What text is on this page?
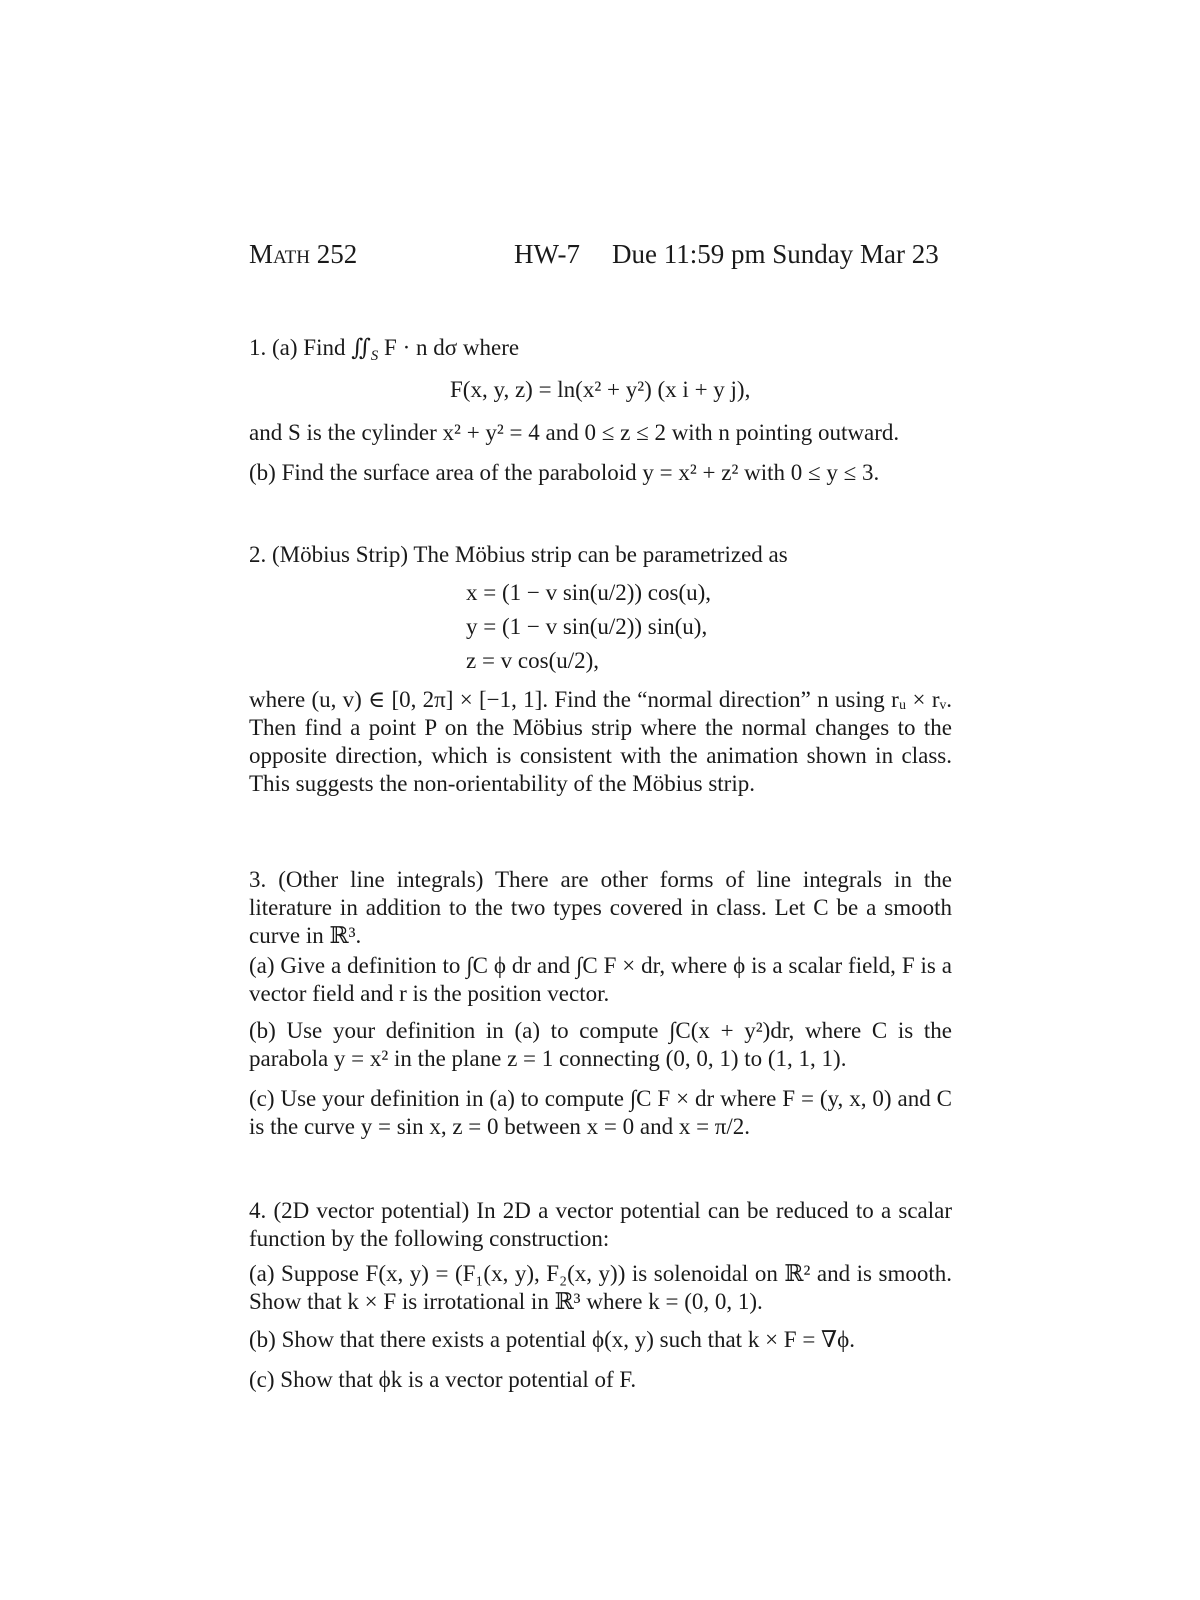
Math 252	HW-7 Due 11:59 pm Sunday Mar 23
1. (a) Find $∬_S$ F · n dσ where
F(x, y, z) = ln(x² + y²) (x i + y j),
and S is the cylinder x² + y² = 4 and 0 ≤ z ≤ 2 with n pointing outward.
(b) Find the surface area of the paraboloid y = x² + z² with 0 ≤ y ≤ 3.
2. (Möbius Strip) The Möbius strip can be parametrized as
x = (1 − v sin(u/2)) cos(u),
y = (1 − v sin(u/2)) sin(u),
z = v cos(u/2),
where (u, v) ∈ [0, 2π] × [−1, 1]. Find the “normal direction” n using rᵤ × rᵥ. Then find a point P on the Möbius strip where the normal changes to the opposite direction, which is consistent with the animation shown in class. This suggests the non-orientability of the Möbius strip.
3. (Other line integrals) There are other forms of line integrals in the literature in addition to the two types covered in class. Let C be a smooth curve in ℝ³.
(a) Give a definition to ∫C ϕ dr and ∫C F × dr, where ϕ is a scalar field, F is a vector field and r is the position vector.
(b) Use your definition in (a) to compute ∫C(x + y²)dr, where C is the parabola y = x² in the plane z = 1 connecting (0, 0, 1) to (1, 1, 1).
(c) Use your definition in (a) to compute ∫C F × dr where F = (y, x, 0) and C is the curve y = sin x, z = 0 between x = 0 and x = π/2.
4. (2D vector potential) In 2D a vector potential can be reduced to a scalar function by the following construction:
(a) Suppose F(x, y) = (F₁(x, y), F₂(x, y)) is solenoidal on ℝ² and is smooth. Show that k × F is irrotational in ℝ³ where k = (0, 0, 1).
(b) Show that there exists a potential ϕ(x, y) such that k × F = ∇ϕ.
(c) Show that ϕk is a vector potential of F.
